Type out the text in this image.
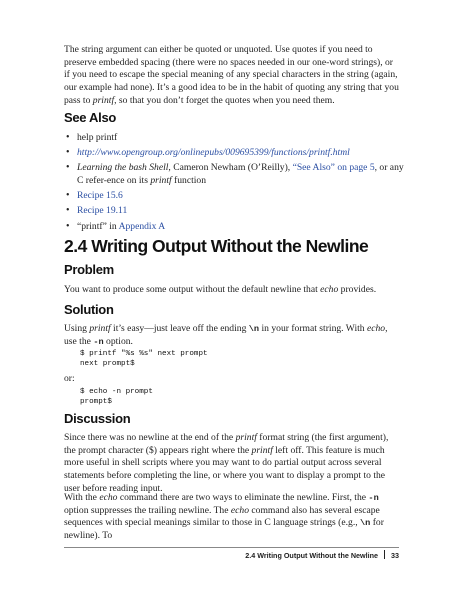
The string argument can either be quoted or unquoted. Use quotes if you need to preserve embedded spacing (there were no spaces needed in our one-word strings), or if you need to escape the special meaning of any special characters in the string (again, our example had none). It’s a good idea to be in the habit of quoting any string that you pass to printf, so that you don’t forget the quotes when you need them.

See Also
• help printf
• http://www.opengroup.org/onlinepubs/009695399/functions/printf.html
• Learning the bash Shell, Cameron Newham (O’Reilly), “See Also” on page 5, or any C refer-ence on its printf function
• Recipe 15.6
• Recipe 19.11
• “printf” in Appendix A
2.4 Writing Output Without the Newline
Problem

You want to produce some output without the default newline that echo provides.

Solution

Using printf it’s easy—just leave off the ending \n in your format string. With echo, use the -n option.

$ printf "%s %s" next prompt
next prompt$
or:
$ echo -n prompt
prompt$
Discussion

Since there was no newline at the end of the printf format string (the first argument), the prompt character ($) appears right where the printf left off. This feature is much more useful in shell scripts where you may want to do partial output across several statements before completing the line, or where you want to display a prompt to the user before reading input.

With the echo command there are two ways to eliminate the newline. First, the -n option suppresses the trailing newline. The echo command also has several escape sequences with special meanings similar to those in C language strings (e.g., \n for newline). To

2.4 Writing Output Without the Newline 33
